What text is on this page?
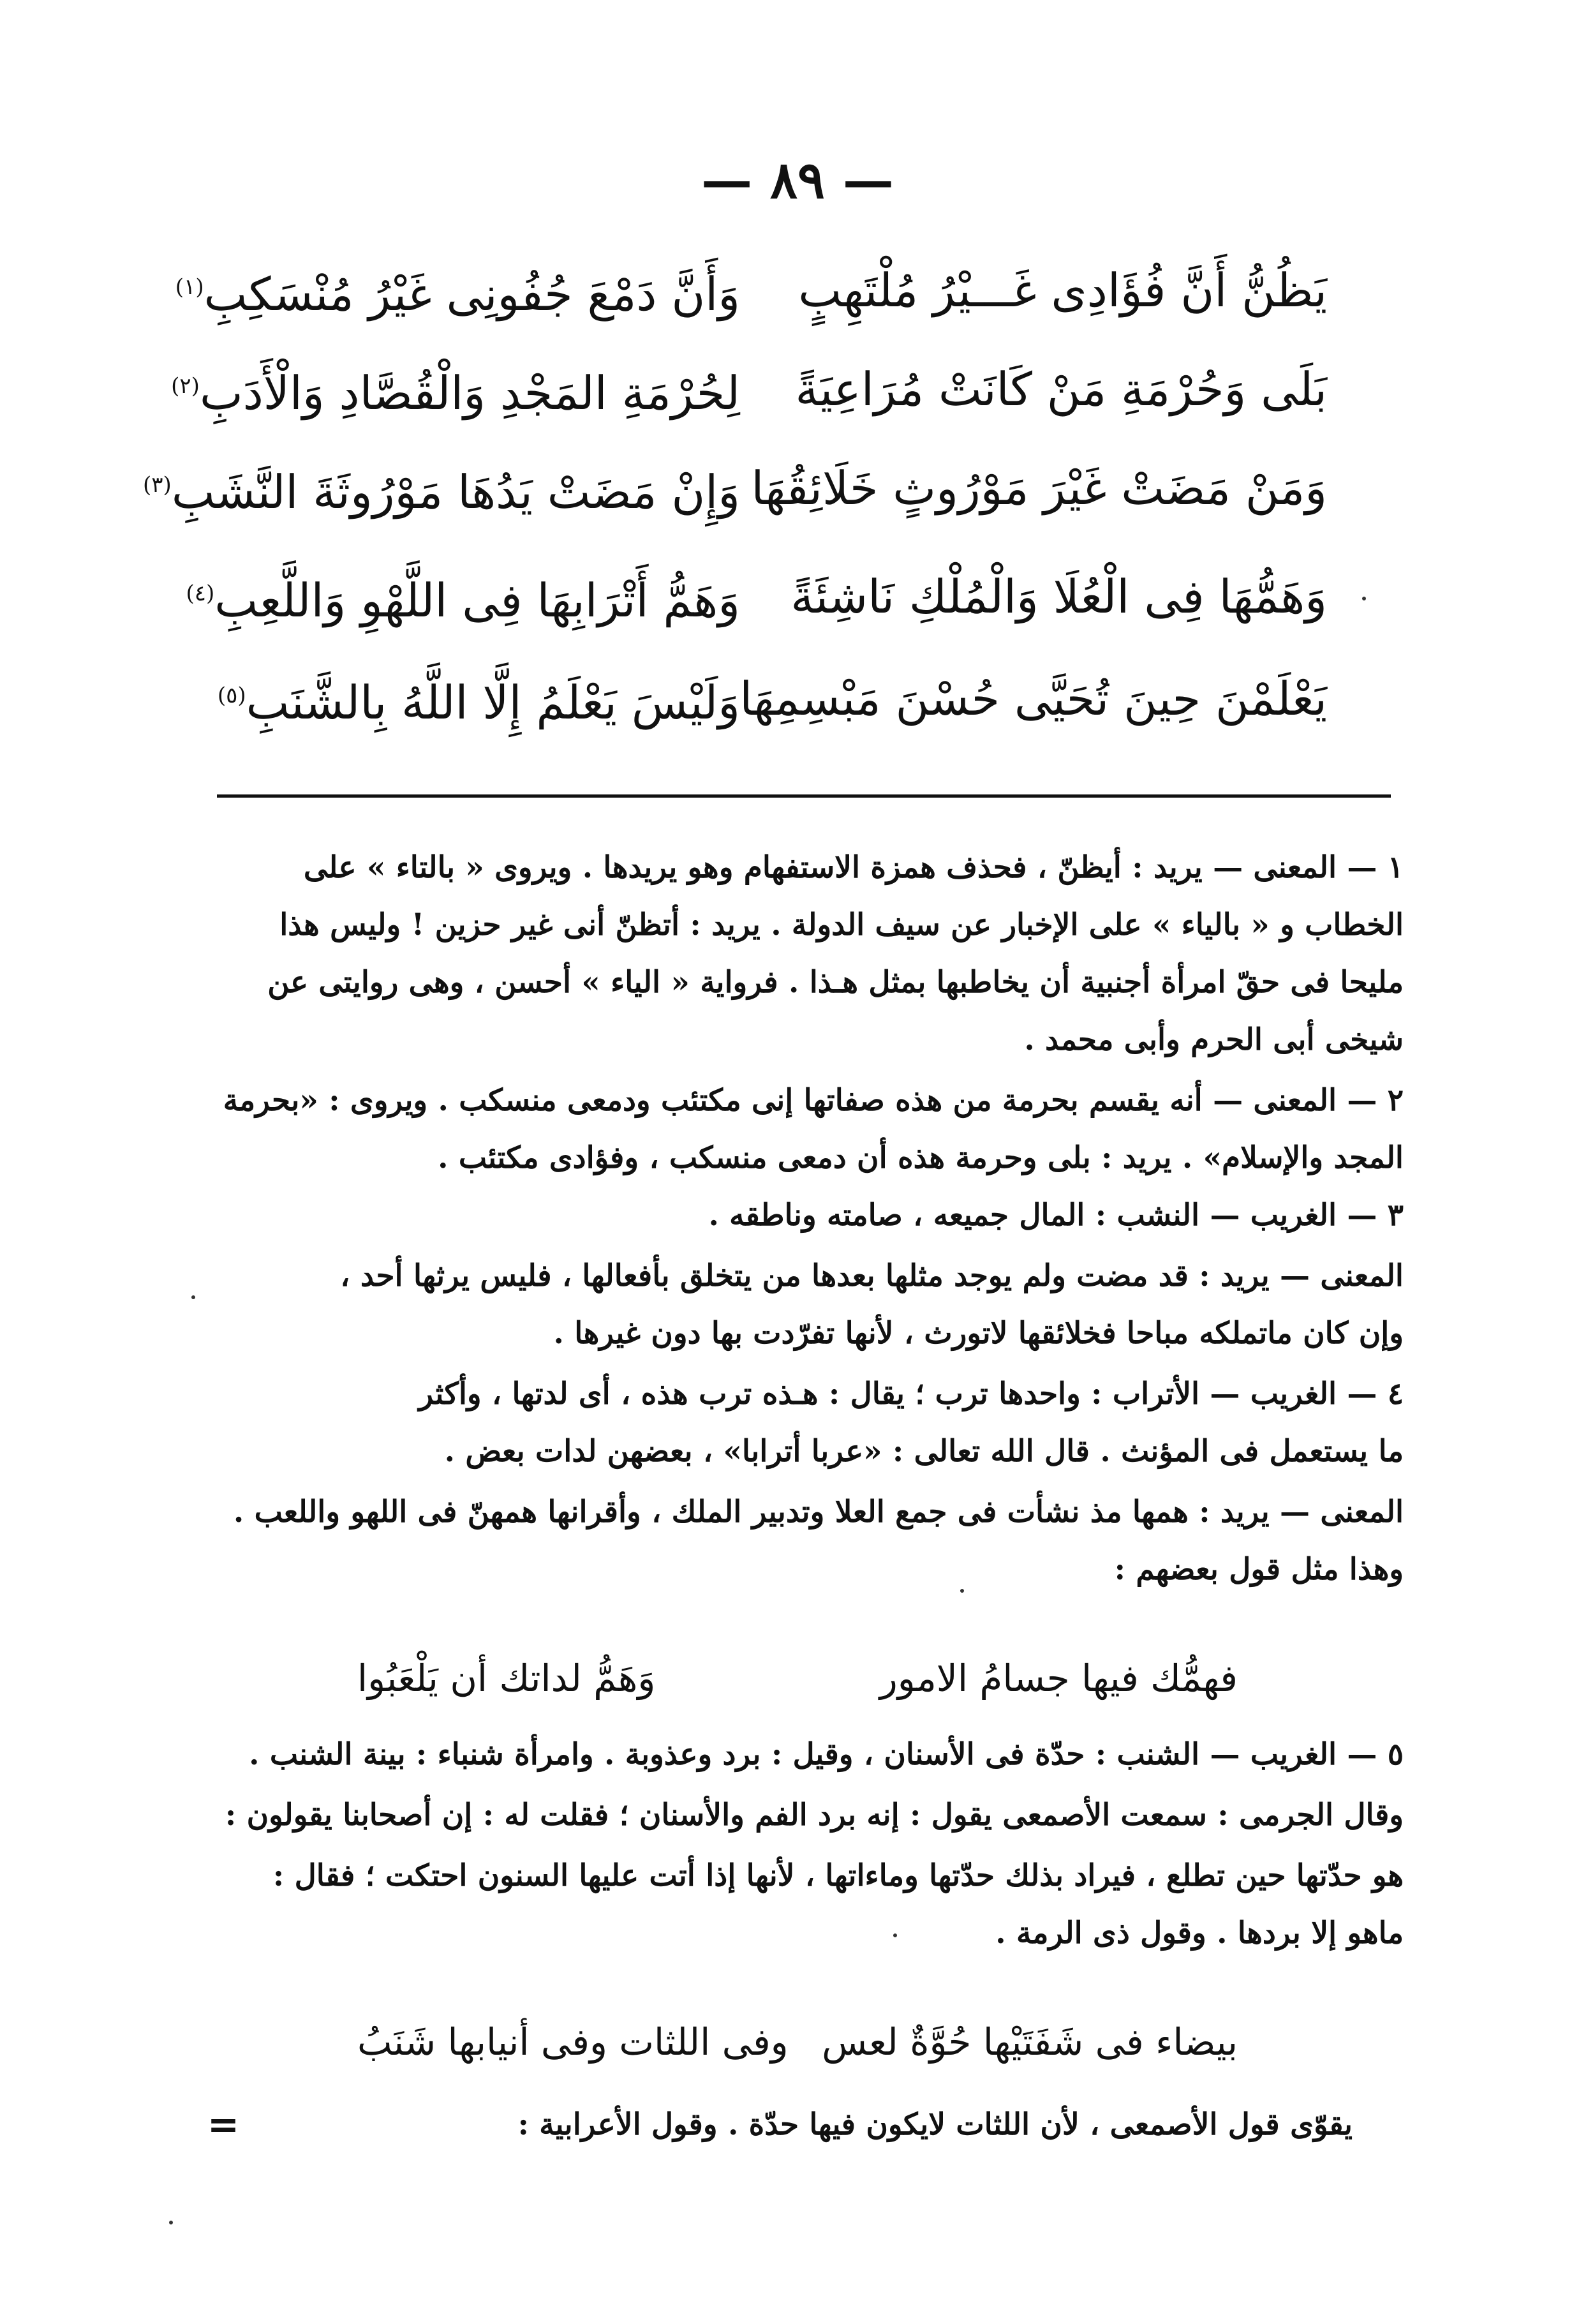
— ٨٩ —
يَظُنُّ أَنَّ فُؤَادِى غَـــيْرُ مُلْتَهِبٍ
وَأَنَّ دَمْعَ جُفُونِى غَيْرُ مُنْسَكِبِ$^{(١)}$
بَلَى وَحُرْمَةِ مَنْ كَانَتْ مُرَاعِيَةً
لِحُرْمَةِ المَجْدِ وَالْقُصَّادِ وَالْأَدَبِ$^{(٢)}$
وَمَنْ مَضَتْ غَيْرَ مَوْرُوثٍ خَلَائِقُهَا
وَإِنْ مَضَتْ يَدُهَا مَوْرُوثَةَ النَّشَبِ$^{(٣)}$
وَهَمُّهَا فِى الْعُلَا وَالْمُلْكِ نَاشِئَةً
وَهَمُّ أَتْرَابِهَا فِى اللَّهْوِ وَاللَّعِبِ$^{(٤)}$
يَعْلَمْنَ حِينَ تُحَيَّى حُسْنَ مَبْسِمِهَا
وَلَيْسَ يَعْلَمُ إِلَّا اللَّهُ بِالشَّنَبِ$^{(٥)}$
١ — المعنى — يريد : أيظنّ ، فحذف همزة الاستفهام وهو يريدها . ويروى « بالتاء » على
الخطاب و « بالياء » على الإخبار عن سيف الدولة . يريد : أتظنّ أنى غير حزين ! وليس هذا
مليحا فى حقّ امرأة أجنبية أن يخاطبها بمثل هـذا . فرواية « الياء » أحسن ، وهى روايتى عن
شيخى أبى الحرم وأبى محمد .
٢ — المعنى — أنه يقسم بحرمة من هذه صفاتها إنى مكتئب ودمعى منسكب . ويروى : «بحرمة
المجد والإسلام» . يريد : بلى وحرمة هذه أن دمعى منسكب ، وفؤادى مكتئب .
٣ — الغريب — النشب : المال جميعه ، صامته وناطقه .
المعنى — يريد : قد مضت ولم يوجد مثلها بعدها من يتخلق بأفعالها ، فليس يرثها أحد ،
وإن كان ماتملكه مباحا فخلائقها لاتورث ، لأنها تفرّدت بها دون غيرها .
٤ — الغريب — الأتراب : واحدها ترب ؛ يقال : هـذه ترب هذه ، أى لدتها ، وأكثر
ما يستعمل فى المؤنث . قال الله تعالى : «عربا أترابا» ، بعضهن لدات بعض .
المعنى — يريد : همها مذ نشأت فى جمع العلا وتدبير الملك ، وأقرانها همهنّ فى اللهو واللعب .
وهذا مثل قول بعضهم :
فهمُّك فيها جسامُ الامور
وَهَمُّ لداتك أن يَلْعَبُوا
٥ — الغريب — الشنب : حدّة فى الأسنان ، وقيل : برد وعذوبة . وامرأة شنباء : بينة الشنب .
وقال الجرمى : سمعت الأصمعى يقول : إنه برد الفم والأسنان ؛ فقلت له : إن أصحابنا يقولون :
هو حدّتها حين تطلع ، فيراد بذلك حدّتها وماءاتها ، لأنها إذا أتت عليها السنون احتكت ؛ فقال :
ماهو إلا بردها . وقول ذى الرمة .
بيضاء فى شَفَتَيْها حُوَّةٌ لعس
وفى اللثات وفى أنيابها شَنَبُ
يقوّى قول الأصمعى ، لأن اللثات لايكون فيها حدّة . وقول الأعرابية :
=
